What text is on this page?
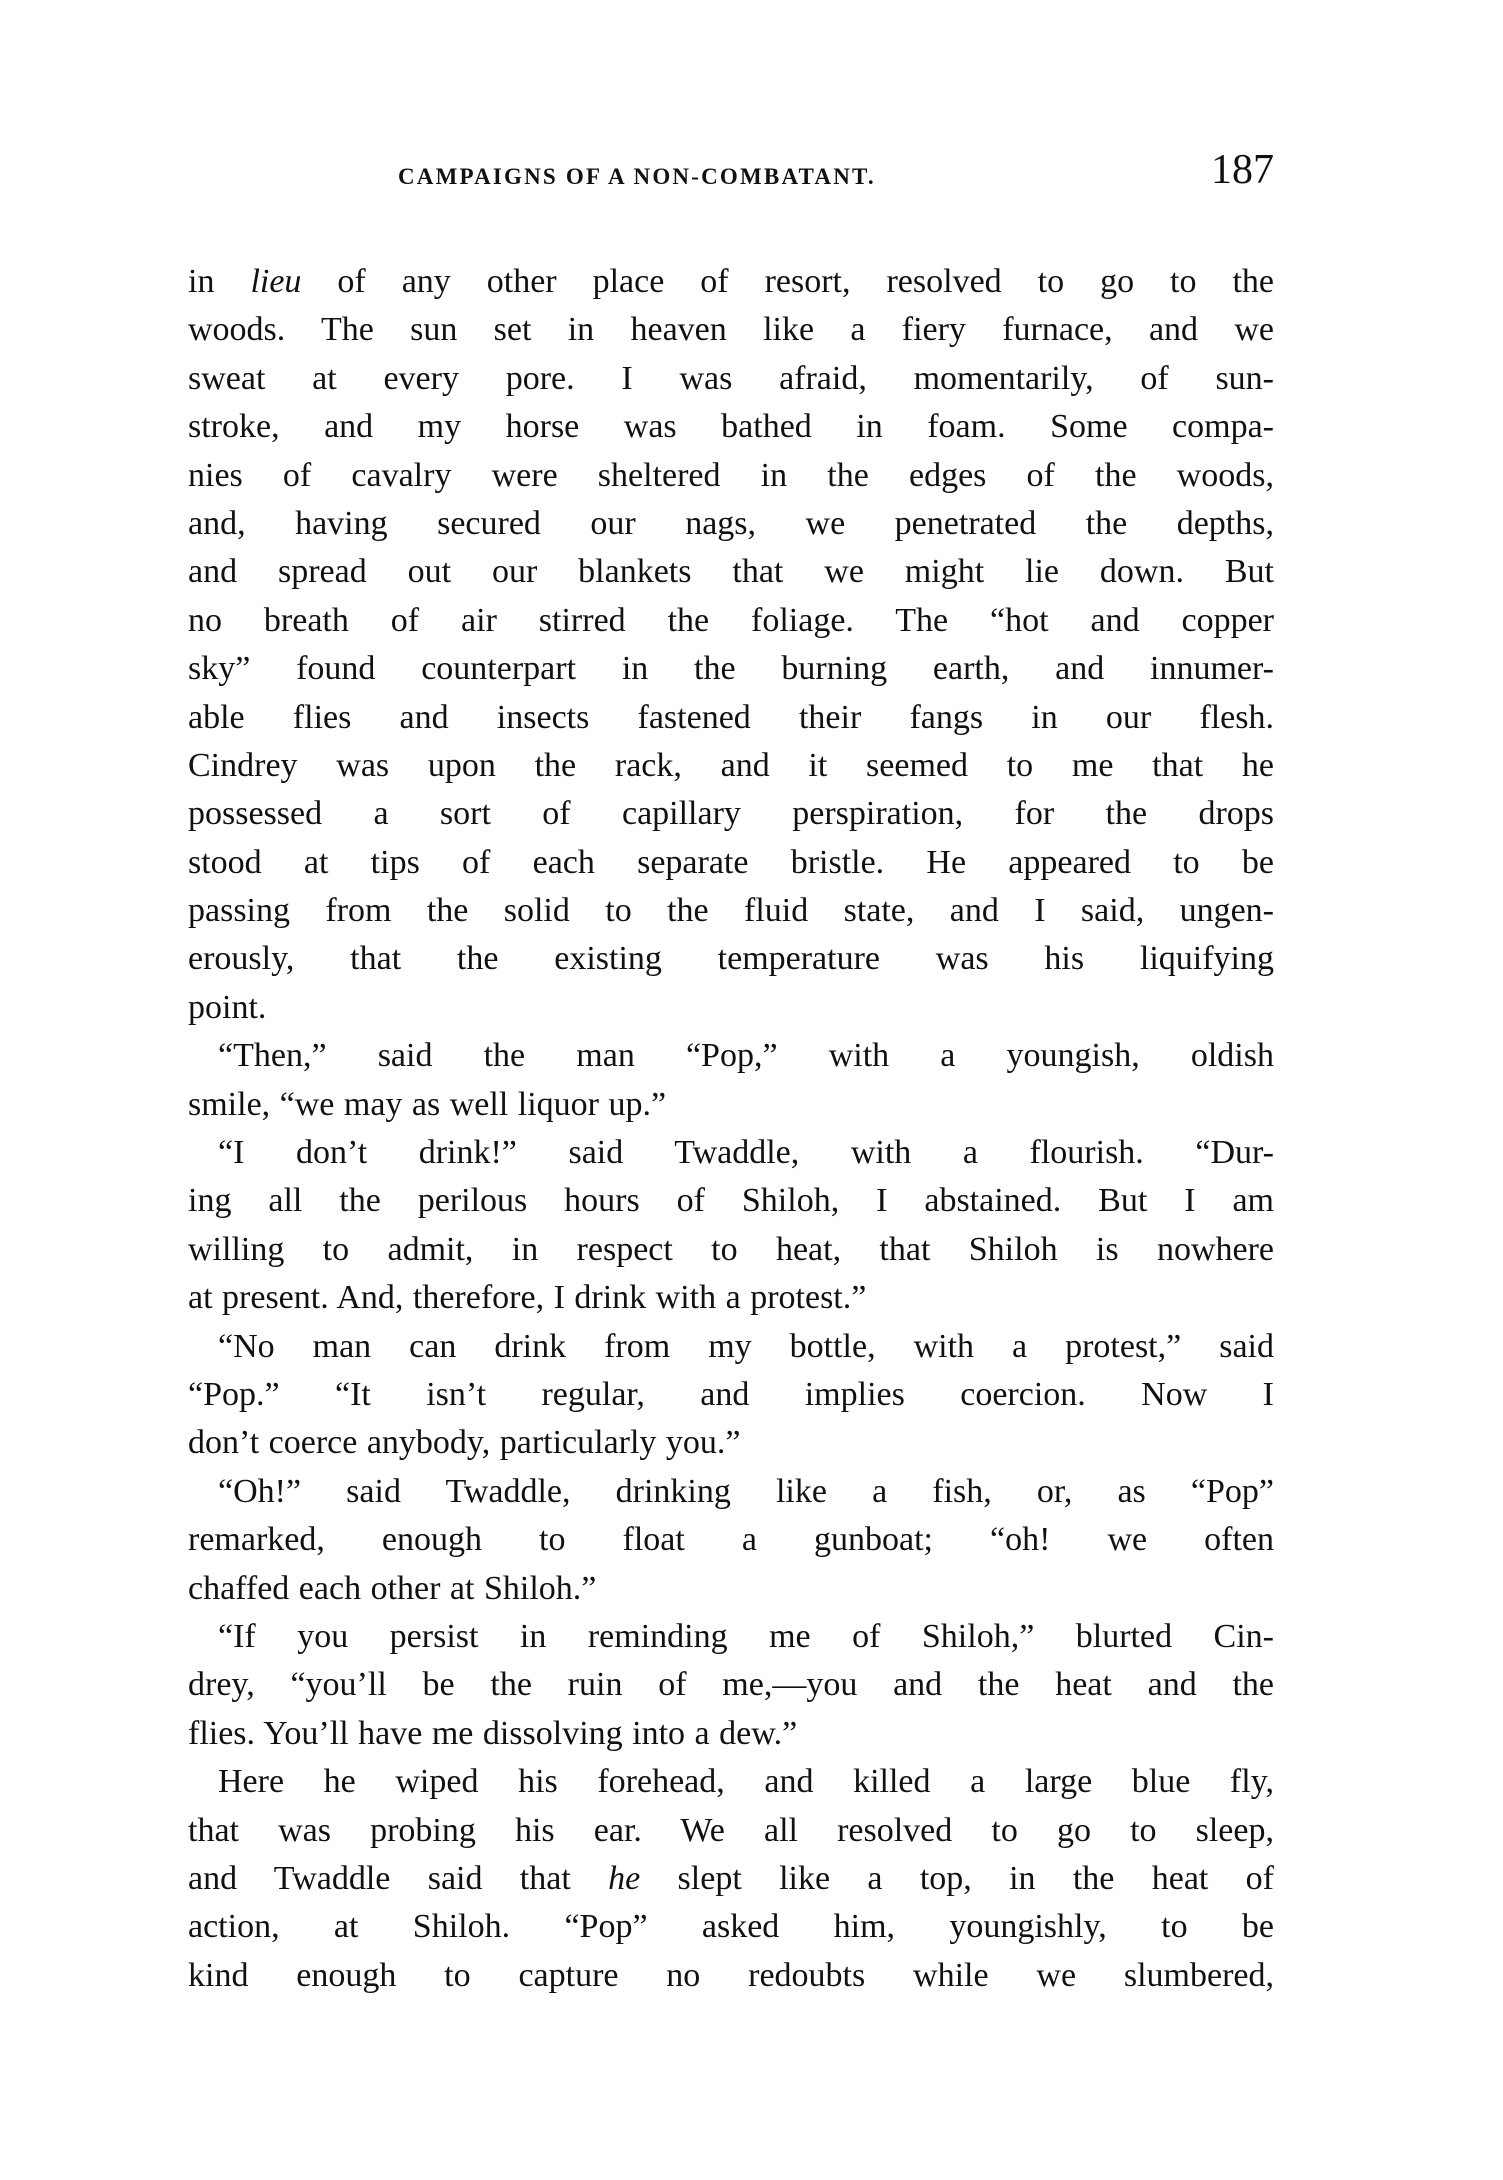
CAMPAIGNS OF A NON-COMBATANT.	187
in lieu of any other place of resort, resolved to go to the
woods. The sun set in heaven like a fiery furnace, and we
sweat at every pore. I was afraid, momentarily, of sun-
stroke, and my horse was bathed in foam. Some compa-
nies of cavalry were sheltered in the edges of the woods,
and, having secured our nags, we penetrated the depths,
and spread out our blankets that we might lie down. But
no breath of air stirred the foliage. The “hot and copper
sky” found counterpart in the burning earth, and innumer-
able flies and insects fastened their fangs in our flesh.
Cindrey was upon the rack, and it seemed to me that he
possessed a sort of capillary perspiration, for the drops
stood at tips of each separate bristle. He appeared to be
passing from the solid to the fluid state, and I said, ungen-
erously, that the existing temperature was his liquifying
point.
“Then,” said the man “Pop,” with a youngish, oldish
smile, “we may as well liquor up.”
“I don’t drink!” said Twaddle, with a flourish. “Dur-
ing all the perilous hours of Shiloh, I abstained. But I am
willing to admit, in respect to heat, that Shiloh is nowhere
at present. And, therefore, I drink with a protest.”
“No man can drink from my bottle, with a protest,” said
“Pop.” “It isn’t regular, and implies coercion. Now I
don’t coerce anybody, particularly you.”
“Oh!” said Twaddle, drinking like a fish, or, as “Pop”
remarked, enough to float a gunboat; “oh! we often
chaffed each other at Shiloh.”
“If you persist in reminding me of Shiloh,” blurted Cin-
drey, “you’ll be the ruin of me,—you and the heat and the
flies. You’ll have me dissolving into a dew.”
Here he wiped his forehead, and killed a large blue fly,
that was probing his ear. We all resolved to go to sleep,
and Twaddle said that he slept like a top, in the heat of
action, at Shiloh. “Pop” asked him, youngishly, to be
kind enough to capture no redoubts while we slumbered,
